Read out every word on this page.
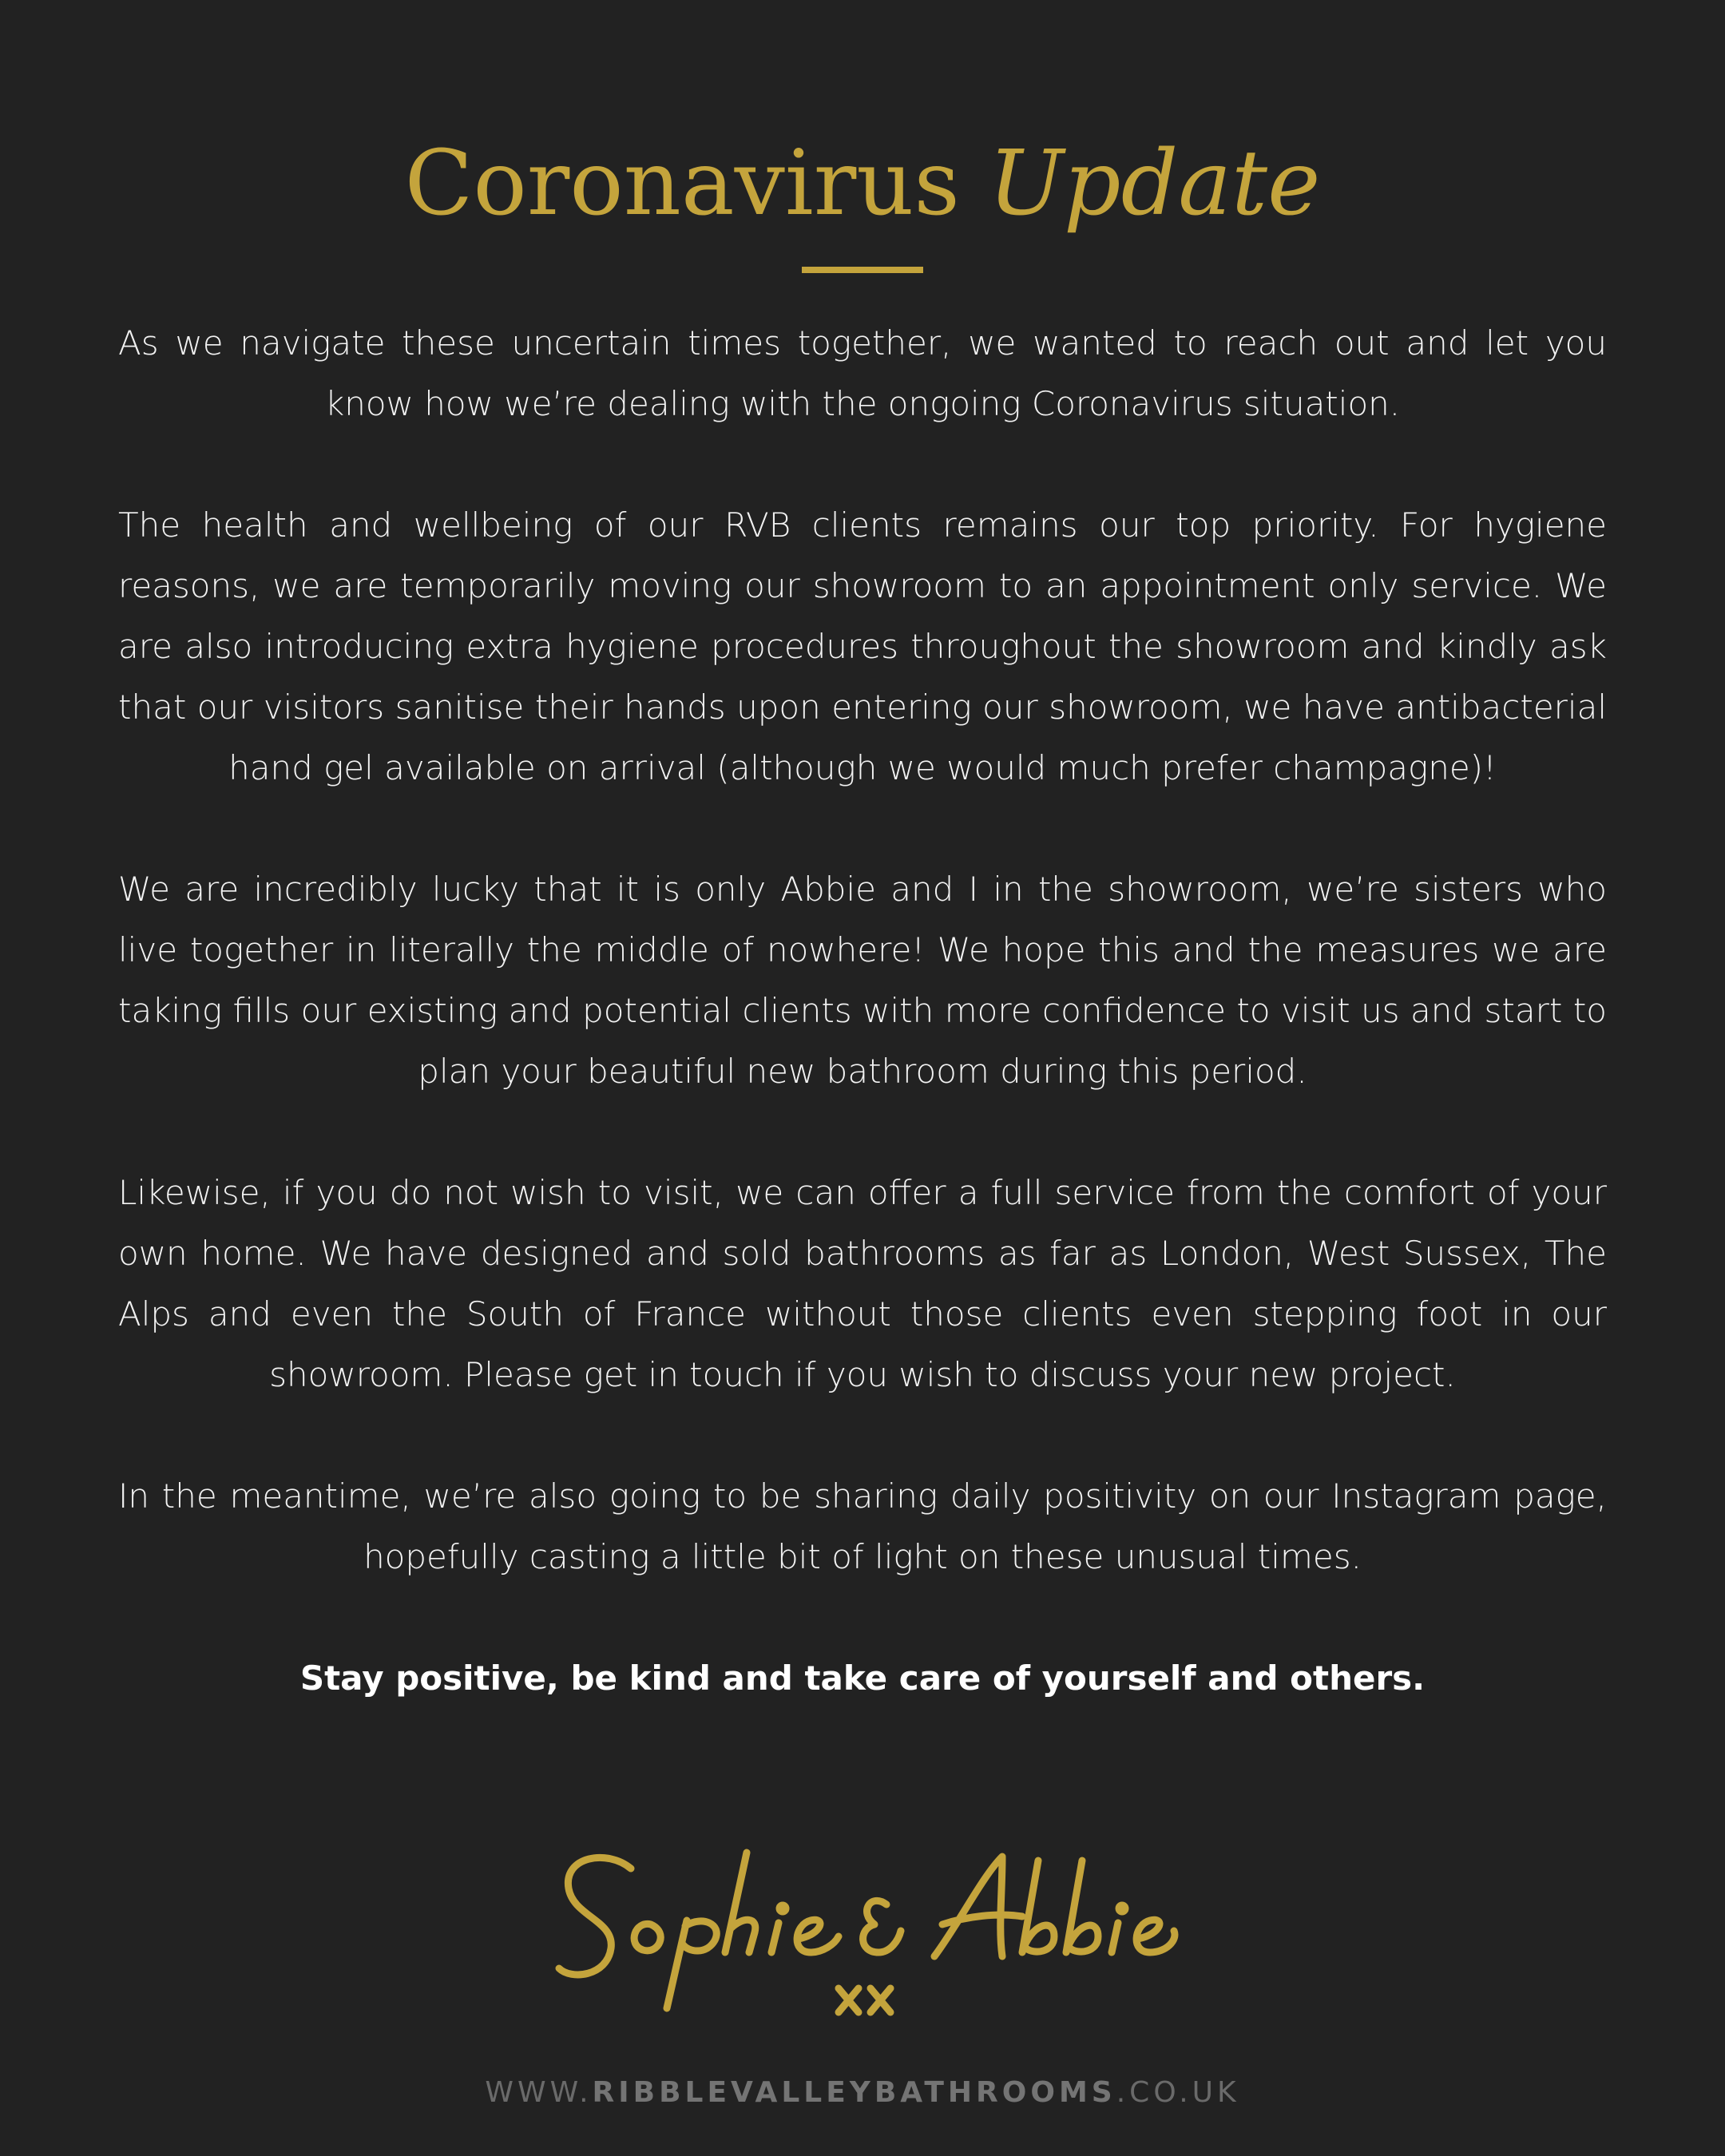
Coronavirus Update

As we navigate these uncertain times together, we wanted to reach out and let you know how we’re dealing with the ongoing Coronavirus situation.

The health and wellbeing of our RVB clients remains our top priority. For hygiene reasons, we are temporarily moving our showroom to an appointment only service. We are also introducing extra hygiene procedures throughout the showroom and kindly ask that our visitors sanitise their hands upon entering our showroom, we have antibacterial hand gel available on arrival (although we would much prefer champagne)!

We are incredibly lucky that it is only Abbie and I in the showroom, we’re sisters who live together in literally the middle of nowhere! We hope this and the measures we are taking fills our existing and potential clients with more confidence to visit us and start to plan your beautiful new bathroom during this period.

Likewise, if you do not wish to visit, we can offer a full service from the comfort of your own home. We have designed and sold bathrooms as far as London, West Sussex, The Alps and even the South of France without those clients even stepping foot in our showroom. Please get in touch if you wish to discuss your new project.

In the meantime, we’re also going to be sharing daily positivity on our Instagram page, hopefully casting a little bit of light on these unusual times.

Stay positive, be kind and take care of yourself and others.

WWW.RIBBLEVALLEYBATHROOMS.CO.UK
